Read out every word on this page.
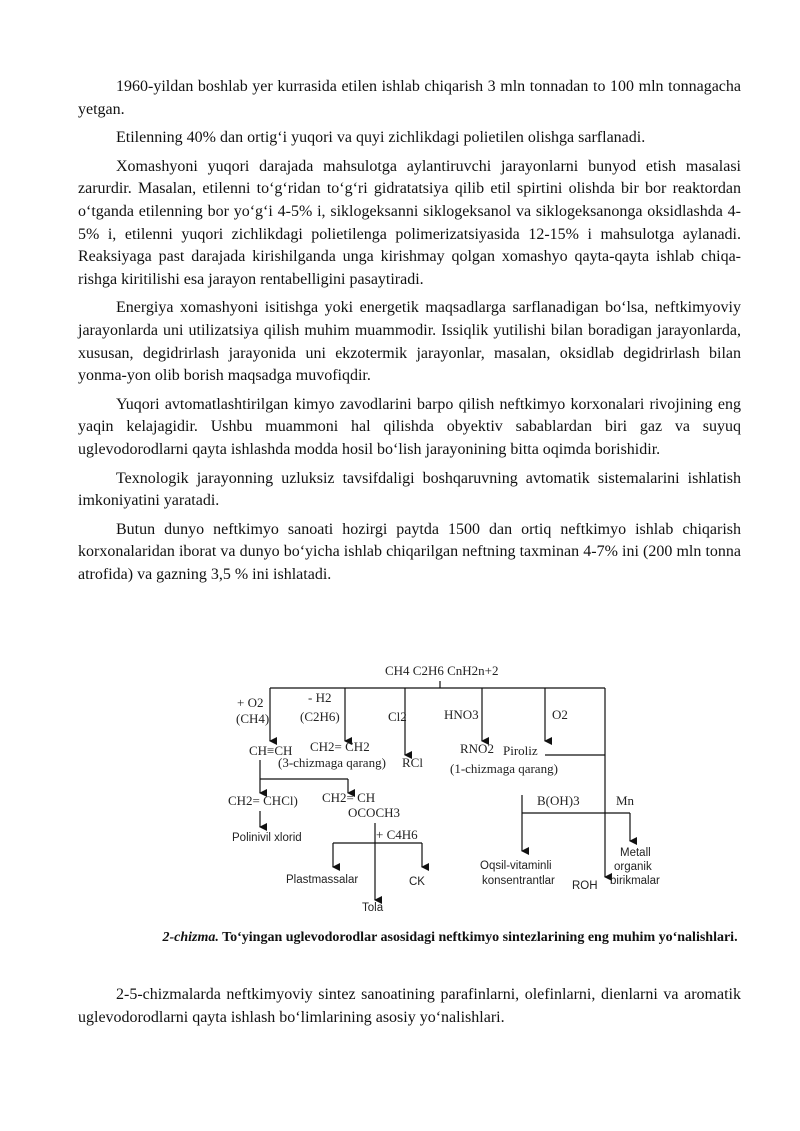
1960-yildan boshlab yer kurrasida etilen ishlab chiqarish 3 mln tonnadan to 100 mln tonnagacha yetgan.

Etilenning 40% dan ortig‘i yuqori va quyi zichlikdagi polietilen olishga sarflanadi.

Xomashyoni yuqori darajada mahsulotga aylantiruvchi jarayonlarni bunyod etish masalasi zarurdir. Masalan, etilenni to‘g‘ridan to‘g‘ri gidratatsiya qilib etil spirtini olishda bir bor reaktordan o‘tganda etilenning bor yo‘g‘i 4-5% i, siklogeksanni siklogeksanol va siklogeksanonga oksidlashda 4-5% i, etilenni yuqori zichlikdagi polietilenga polimerizatsiyasida 12-15% i mahsulotga aylanadi. Reaksiyaga past darajada kirishilganda unga kirishmay qolgan xomashyo qayta-qayta ishlab chiqa-rishga kiritilishi esa jarayon rentabelligini pasaytiradi.

Energiya xomashyoni isitishga yoki energetik maqsadlarga sarflanadigan bo‘lsa, neftkimyoviy jarayonlarda uni utilizatsiya qilish muhim muammodir. Issiqlik yutilishi bilan boradigan jarayonlarda, xususan, degidrirlash jarayonida uni ekzotermik jarayonlar, masalan, oksidlab degidrirlash bilan yonma-yon olib borish maqsadga muvofiqdir.

Yuqori avtomatlashtirilgan kimyo zavodlarini barpo qilish neftkimyo korxonalari rivojining eng yaqin kelajagidir. Ushbu muammoni hal qilishda obyektiv sabablardan biri gaz va suyuq uglevodorodlarni qayta ishlashda modda hosil bo‘lish jarayonining bitta oqimda borishidir.

Texnologik jarayonning uzluksiz tavsifdaligi boshqaruvning avtomatik sistemalarini ishlatish imkoniyatini yaratadi.

Butun dunyo neftkimyo sanoati hozirgi paytda 1500 dan ortiq neftkimyo ishlab chiqarish korxonalaridan iborat va dunyo bo‘yicha ishlab chiqarilgan neftning taxminan 4-7% ini (200 mln tonna atrofida) va gazning 3,5 % ini ishlatadi.

CH4 C2H6 CnH2n+2
+ O2
(CH4)
- H2
(C2H6)	Cl2	HNO3	O2
CH≡CH CH2= CH2
(3-chizmaga qarang) RCl
RNO2 Piroliz
(1-chizmaga qarang)
CH2= CHCl) CH2= CH
OCOCH3
Polinivil xlorid
B(OH)3	Mn
+ C4H6
Plastmassalar	CK
Tola
Oqsil-vitaminli
konsentrantlar ROH
Metall
organik
birikmalar
2-chizma. To‘yingan uglevodorodlar asosidagi neftkimyo sintezlarining eng muhim yo‘nalishlari.

2-5-chizmalarda neftkimyoviy sintez sanoatining parafinlarni, olefinlarni, dienlarni va aromatik uglevodorodlarni qayta ishlash bo‘limlarining asosiy yo‘nalishlari.
